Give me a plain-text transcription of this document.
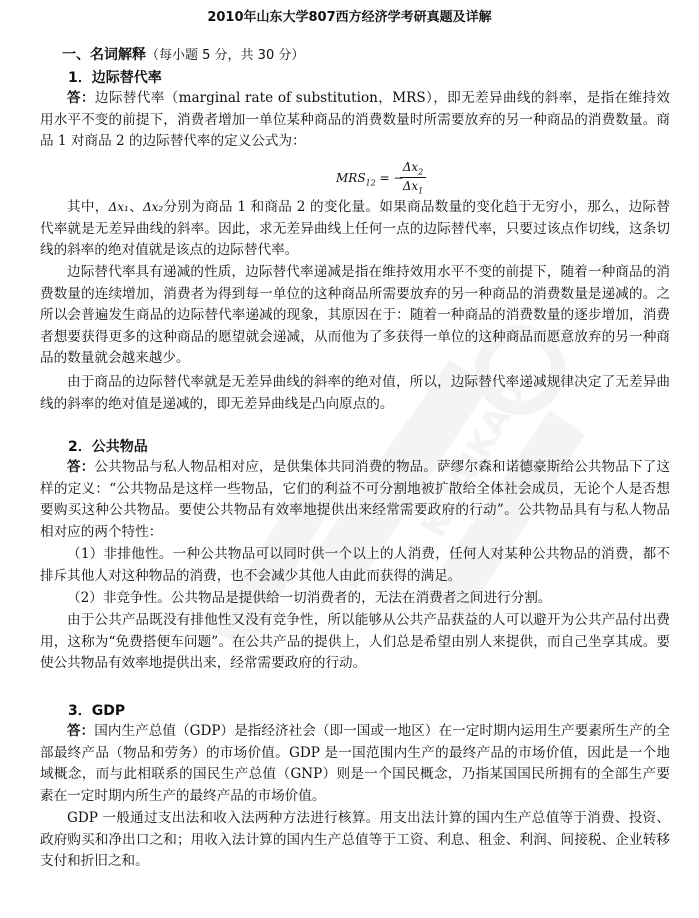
KUAIKAO
2010年山东大学807西方经济学考研真题及详解
一、名词解释（每小题 5 分，共 30 分）
1．边际替代率

答：边际替代率（marginal rate of substitution，MRS），即无差异曲线的斜率，是指在维持效用水平不变的前提下，消费者增加一单位某种商品的消费数量时所需要放弃的另一种商品的消费数量。商品 1 对商品 2 的边际替代率的定义公式为：

$MRS_{12}$ = −
$\frac{\Delta x_2}{\Delta x_1}$

其中，Δx₁、Δx₂分别为商品 1 和商品 2 的变化量。如果商品数量的变化趋于无穷小，那么，边际替代率就是无差异曲线的斜率。因此，求无差异曲线上任何一点的边际替代率，只要过该点作切线，这条切线的斜率的绝对值就是该点的边际替代率。

边际替代率具有递减的性质，边际替代率递减是指在维持效用水平不变的前提下，随着一种商品的消费数量的连续增加，消费者为得到每一单位的这种商品所需要放弃的另一种商品的消费数量是递减的。之所以会普遍发生商品的边际替代率递减的现象，其原因在于：随着一种商品的消费数量的逐步增加，消费者想要获得更多的这种商品的愿望就会递减，从而他为了多获得一单位的这种商品而愿意放弃的另一种商品的数量就会越来越少。

由于商品的边际替代率就是无差异曲线的斜率的绝对值，所以，边际替代率递减规律决定了无差异曲线的斜率的绝对值是递减的，即无差异曲线是凸向原点的。

2．公共物品

答：公共物品与私人物品相对应，是供集体共同消费的物品。萨缪尔森和诺德豪斯给公共物品下了这样的定义：“公共物品是这样一些物品，它们的利益不可分割地被扩散给全体社会成员，无论个人是否想要购买这种公共物品。要使公共物品有效率地提供出来经常需要政府的行动”。公共物品具有与私人物品相对应的两个特性：

（1）非排他性。一种公共物品可以同时供一个以上的人消费，任何人对某种公共物品的消费，都不排斥其他人对这种物品的消费，也不会减少其他人由此而获得的满足。

（2）非竞争性。公共物品是提供给一切消费者的，无法在消费者之间进行分割。

由于公共产品既没有排他性又没有竞争性，所以能够从公共产品获益的人可以避开为公共产品付出费用，这称为“免费搭便车问题”。在公共产品的提供上，人们总是希望由别人来提供，而自己坐享其成。要使公共物品有效率地提供出来，经常需要政府的行动。

3．GDP

答：国内生产总值（GDP）是指经济社会（即一国或一地区）在一定时期内运用生产要素所生产的全部最终产品（物品和劳务）的市场价值。GDP 是一国范围内生产的最终产品的市场价值，因此是一个地域概念，而与此相联系的国民生产总值（GNP）则是一个国民概念，乃指某国国民所拥有的全部生产要素在一定时期内所生产的最终产品的市场价值。

GDP 一般通过支出法和收入法两种方法进行核算。用支出法计算的国内生产总值等于消费、投资、政府购买和净出口之和；用收入法计算的国内生产总值等于工资、利息、租金、利润、间接税、企业转移支付和折旧之和。
